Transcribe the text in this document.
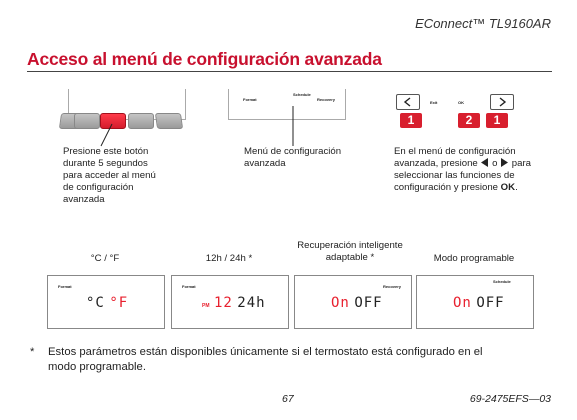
EConnect™ TL9160AR
Acceso al menú de configuración avanzada
Presione este botón
durante 5 segundos
para acceder al menú
de configuración
avanzada
Schedule
Format	Recovery
Menú de configuración
avanzada
Exit	OK
1	2	1
En el menú de configuración
avanzada, presione o para
seleccionar las funciones de
configuración y presione OK.
°C / °F	12h / 24h *
Recuperación inteligente
adaptable *	Modo programable
Format
°C °F
Format
PM 12 24h
Recovery
On OFF
Schedule
On OFF
* Estos parámetros están disponibles únicamente si el termostato está configurado en el
modo programable.
67	69-2475EFS—03
